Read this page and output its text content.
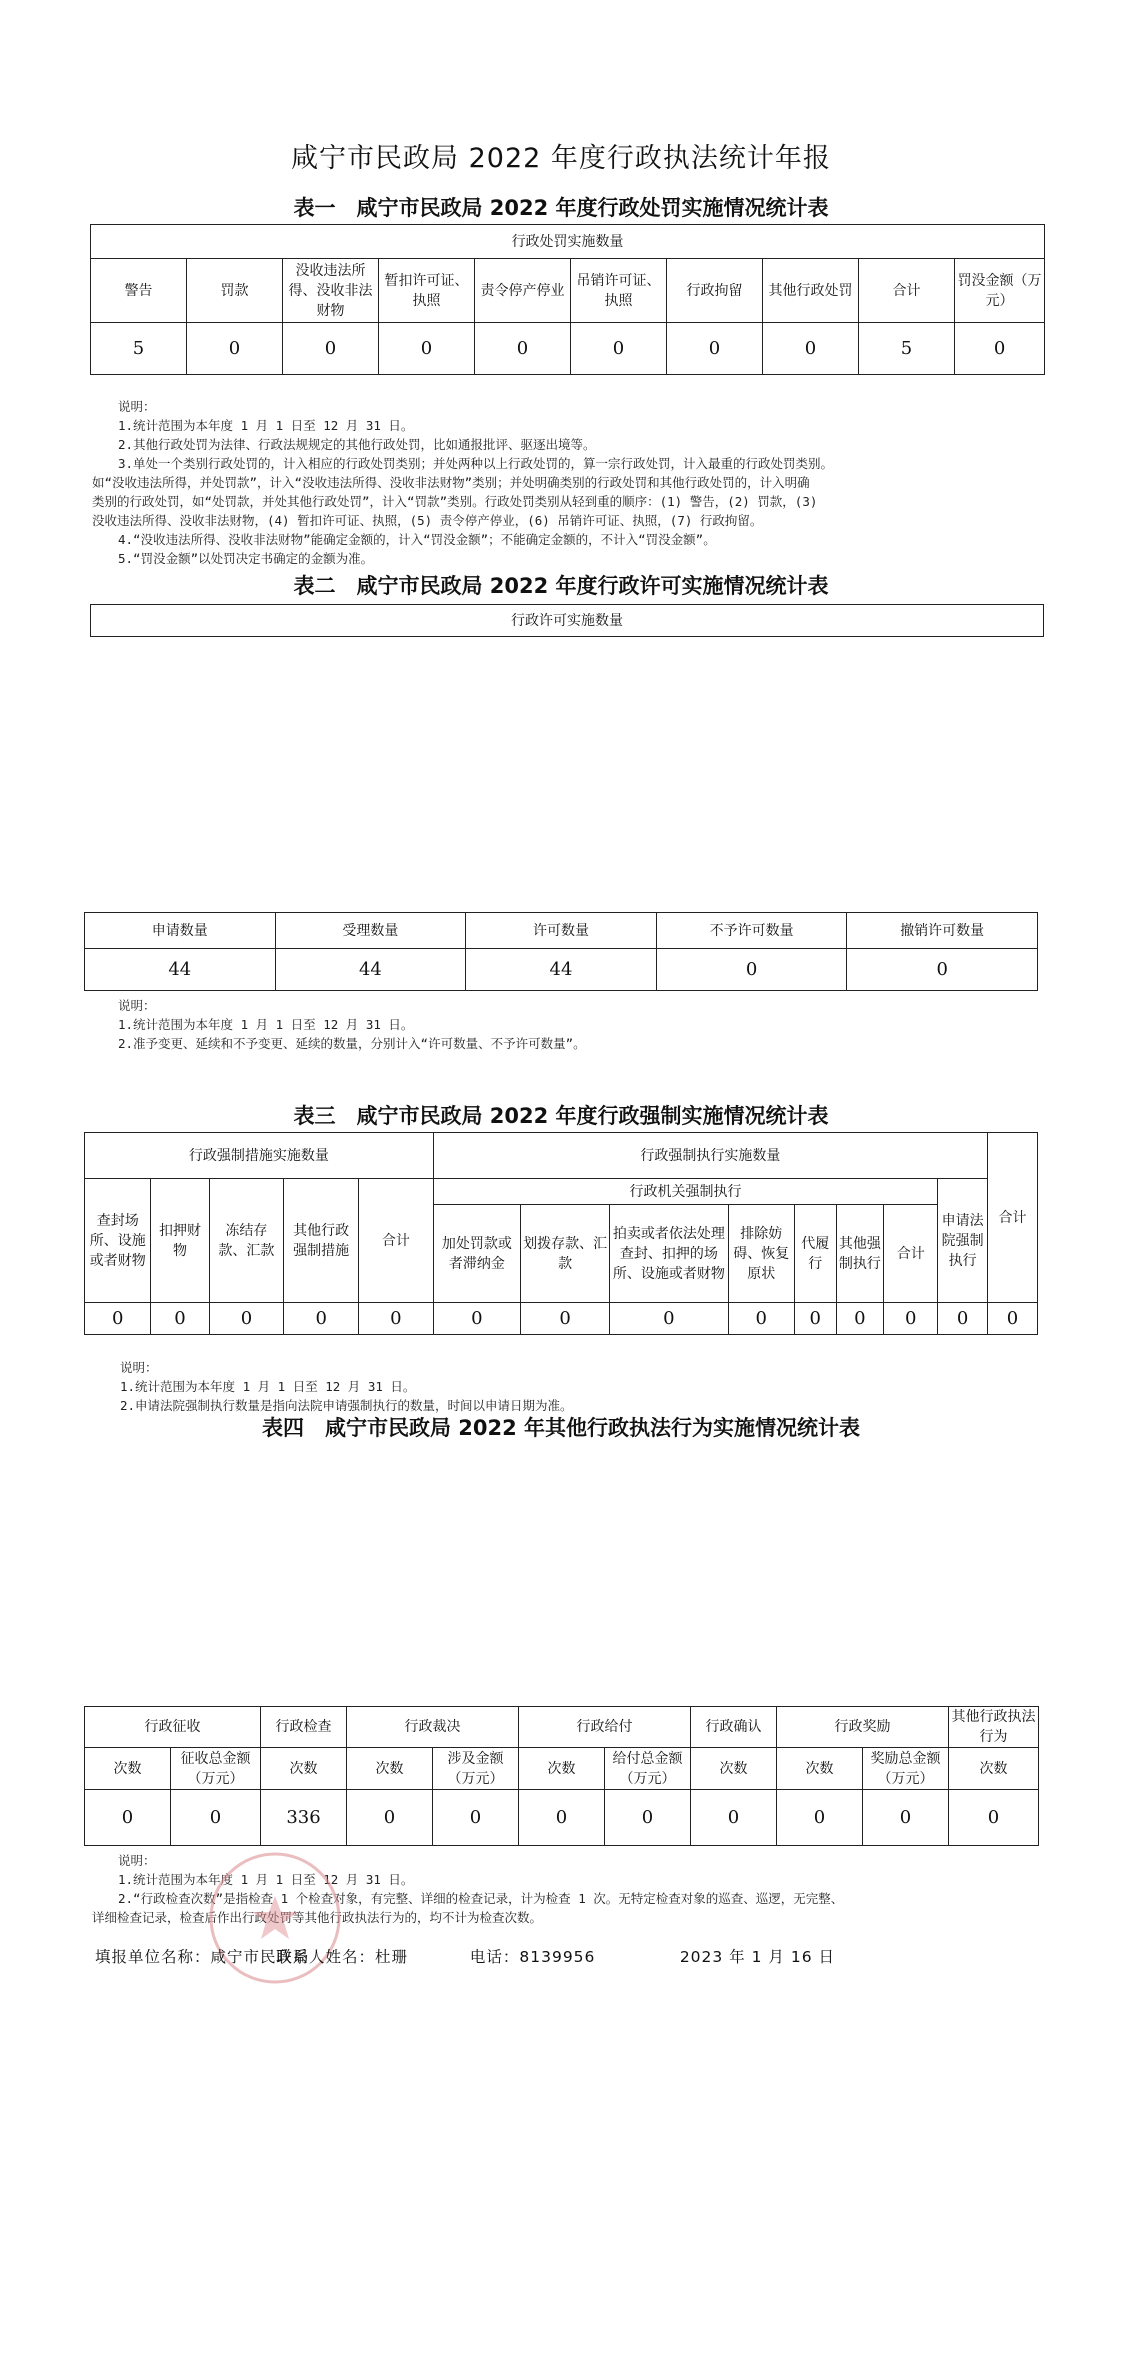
咸宁市民政局 2022 年度行政执法统计年报
表一　咸宁市民政局 2022 年度行政处罚实施情况统计表
行政处罚实施数量									
警告	罚款	没收违法所得、没收非法财物	暂扣许可证、执照	责令停产停业	吊销许可证、执照	行政拘留	其他行政处罚	合计	罚没金额（万元）
5	0	0	0	0	0	0	0	5	0
说明：
1.统计范围为本年度 1 月 1 日至 12 月 31 日。
2.其他行政处罚为法律、行政法规规定的其他行政处罚，比如通报批评、驱逐出境等。
3.单处一个类别行政处罚的，计入相应的行政处罚类别；并处两种以上行政处罚的，算一宗行政处罚，计入最重的行政处罚类别。
如“没收违法所得，并处罚款”，计入“没收违法所得、没收非法财物”类别；并处明确类别的行政处罚和其他行政处罚的，计入明确
类别的行政处罚，如“处罚款，并处其他行政处罚”，计入“罚款”类别。行政处罚类别从轻到重的顺序：(1) 警告，(2) 罚款，(3)
没收违法所得、没收非法财物，(4) 暂扣许可证、执照，(5) 责令停产停业，(6) 吊销许可证、执照，(7) 行政拘留。
4.“没收违法所得、没收非法财物”能确定金额的，计入“罚没金额”；不能确定金额的，不计入“罚没金额”。
5.“罚没金额”以处罚决定书确定的金额为准。
表二　咸宁市民政局 2022 年度行政许可实施情况统计表
行政许可实施数量
申请数量	受理数量	许可数量	不予许可数量	撤销许可数量
44	44	44	0	0
说明：
1.统计范围为本年度 1 月 1 日至 12 月 31 日。
2.准予变更、延续和不予变更、延续的数量，分别计入“许可数量、不予许可数量”。
表三　咸宁市民政局 2022 年度行政强制实施情况统计表
行政强制措施实施数量					行政强制执行实施数量								合计
查封场所、设施或者财物	扣押财物	冻结存款、汇款	其他行政强制措施	合计	行政机关强制执行							申请法院强制执行	
					加处罚款或者滞纳金	划拨存款、汇款	拍卖或者依法处理查封、扣押的场所、设施或者财物	排除妨碍、恢复原状	代履行	其他强制执行	合计		
0	0	0	0	0	0	0	0	0	0	0	0	0	0
说明：
1.统计范围为本年度 1 月 1 日至 12 月 31 日。
2.申请法院强制执行数量是指向法院申请强制执行的数量，时间以申请日期为准。
表四　咸宁市民政局 2022 年其他行政执法行为实施情况统计表
行政征收		行政检查	行政裁决		行政给付		行政确认	行政奖励		其他行政执法行为
次数	征收总金额（万元）	次数	次数	涉及金额（万元）	次数	给付总金额（万元）	次数	次数	奖励总金额（万元）	次数
0	0	336	0	0	0	0	0	0	0	0
说明：
1.统计范围为本年度 1 月 1 日至 12 月 31 日。
2.“行政检查次数”是指检查 1 个检查对象，有完整、详细的检查记录，计为检查 1 次。无特定检查对象的巡查、巡逻，无完整、
详细检查记录，检查后作出行政处罚等其他行政执法行为的，均不计为检查次数。
填报单位名称：咸宁市民政局 联系人姓名：杜珊	电话：8139956	2023 年 1 月 16 日
